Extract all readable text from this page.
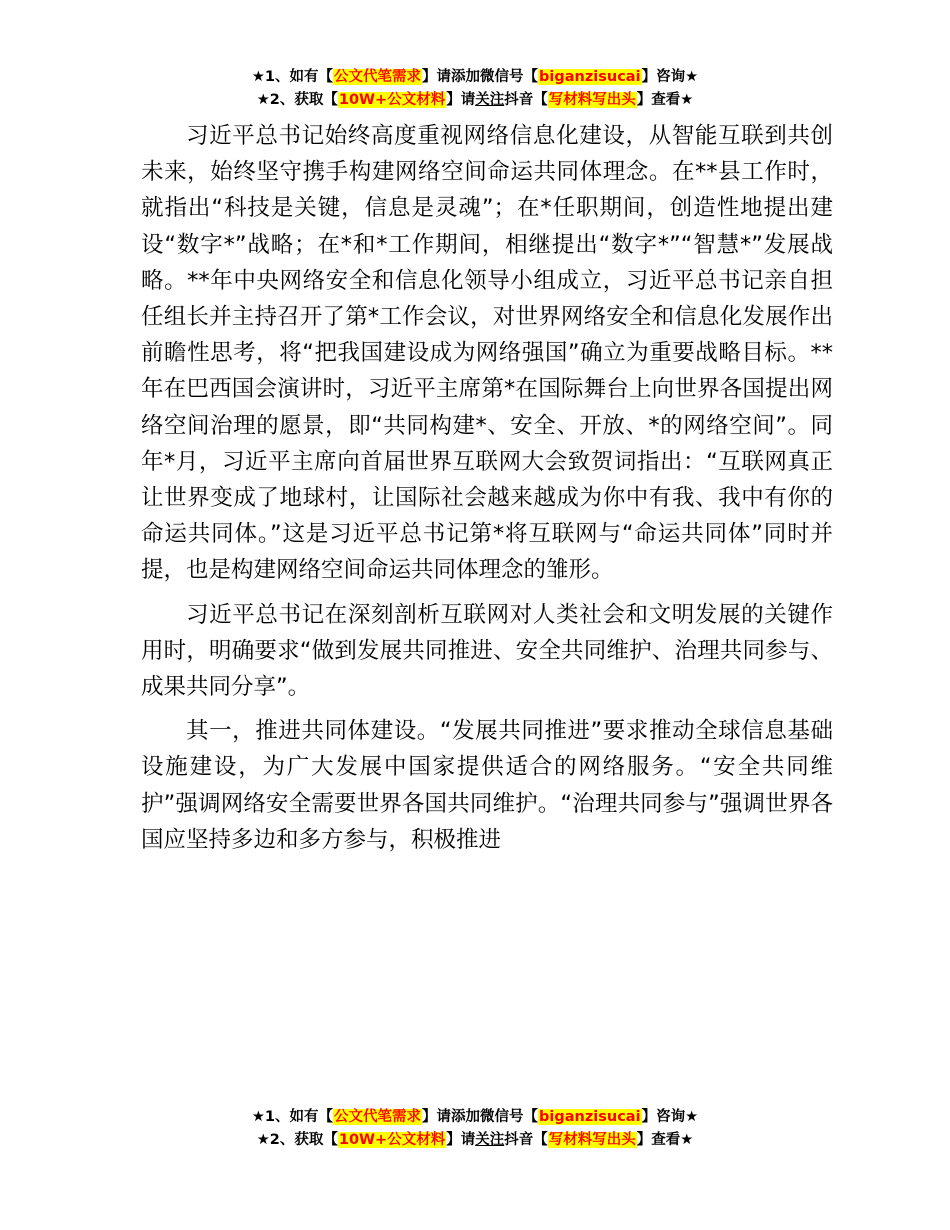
★1、如有【公文代笔需求】请添加微信号【biganzisucai】咨询★
★2、获取【10W+公文材料】请关注抖音【写材料写出头】查看★

习近平总书记始终高度重视网络信息化建设，从智能互联到共创未来，始终坚守携手构建网络空间命运共同体理念。在**县工作时，就指出“科技是关键，信息是灵魂”；在*任职期间，创造性地提出建设“数字*”战略；在*和*工作期间，相继提出“数字*”“智慧*”发展战略。**年中央网络安全和信息化领导小组成立，习近平总书记亲自担任组长并主持召开了第*工作会议，对世界网络安全和信息化发展作出前瞻性思考，将“把我国建设成为网络强国”确立为重要战略目标。**年在巴西国会演讲时，习近平主席第*在国际舞台上向世界各国提出网络空间治理的愿景，即“共同构建*、安全、开放、*的网络空间”。同年*月，习近平主席向首届世界互联网大会致贺词指出：“互联网真正让世界变成了地球村，让国际社会越来越成为你中有我、我中有你的命运共同体。”这是习近平总书记第*将互联网与“命运共同体”同时并提，也是构建网络空间命运共同体理念的雏形。

习近平总书记在深刻剖析互联网对人类社会和文明发展的关键作用时，明确要求“做到发展共同推进、安全共同维护、治理共同参与、成果共同分享”。

其一，推进共同体建设。“发展共同推进”要求推动全球信息基础设施建设，为广大发展中国家提供适合的网络服务。“安全共同维护”强调网络安全需要世界各国共同维护。“治理共同参与”强调世界各国应坚持多边和多方参与，积极推进

★1、如有【公文代笔需求】请添加微信号【biganzisucai】咨询★
★2、获取【10W+公文材料】请关注抖音【写材料写出头】查看★
